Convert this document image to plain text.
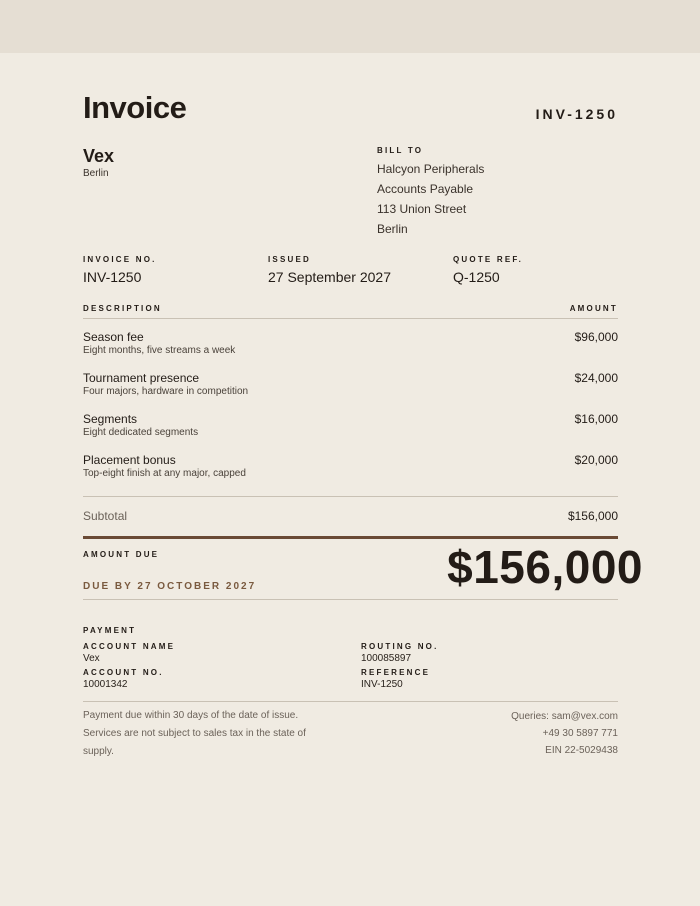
Invoice	INV-1250
Vex
Berlin
BILL TO
Halcyon Peripherals
Accounts Payable
113 Union Street
Berlin
INVOICE NO.
INV-1250
ISSUED
27 September 2027
QUOTE REF.
Q-1250
DESCRIPTION	AMOUNT
Season fee
Eight months, five streams a week
$96,000
Tournament presence
Four majors, hardware in competition
$24,000
Segments
Eight dedicated segments
$16,000
Placement bonus
Top-eight finish at any major, capped
$20,000
Subtotal	$156,000
AMOUNT DUE
DUE BY 27 OCTOBER 2027	$156,000
PAYMENT
ACCOUNT NAME
Vex
ROUTING NO.
100085897
ACCOUNT NO.
10001342
REFERENCE
INV-1250
Payment due within 30 days of the date of issue.
Services are not subject to sales tax in the state of
supply.
Queries: sam@vex.com
+49 30 5897 771
EIN 22-5029438
